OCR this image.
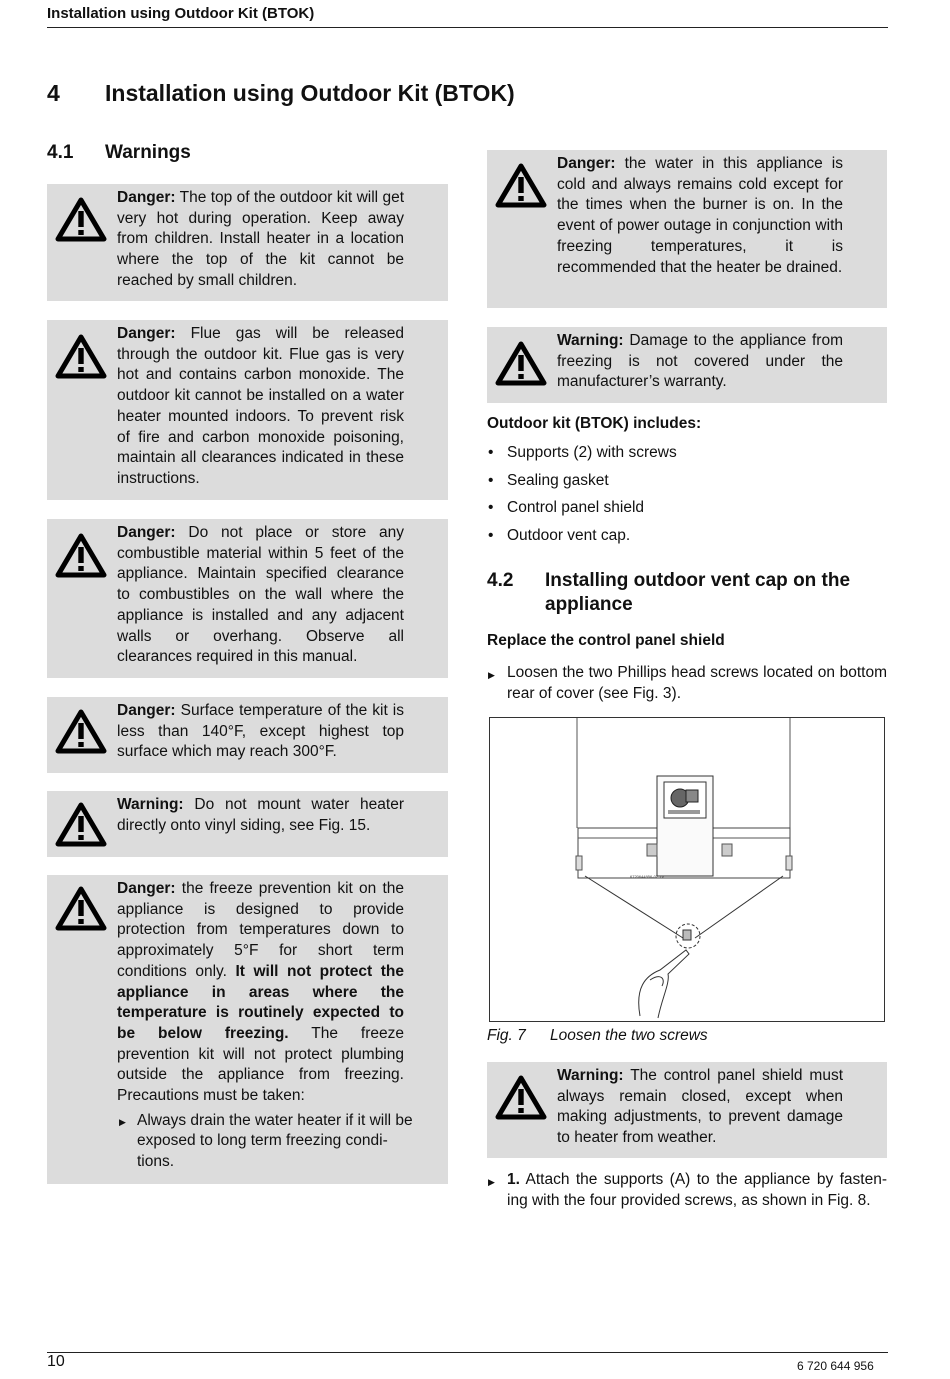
Installation using Outdoor Kit (BTOK)
4 Installation using Outdoor Kit (BTOK)
4.1 Warnings
Danger: The top of the outdoor kit will get very hot during operation. Keep away from children. Install heater in a location where the top of the kit cannot be reached by small children.
Danger: Flue gas will be released through the outdoor kit. Flue gas is very hot and contains carbon monoxide. The outdoor kit cannot be installed on a water heater mounted indoors. To prevent risk of fire and carbon monoxide poisoning, maintain all clearances indicated in these instructions.
Danger: Do not place or store any combustible material within 5 feet of the appliance. Maintain specified clearance to combustibles on the wall where the appliance is installed and any adjacent walls or overhang. Observe all clearances required in this manual.
Danger: Surface temperature of the kit is less than 140°F, except highest top surface which may reach 300°F.
Warning: Do not mount water heater directly onto vinyl siding, see Fig. 15.
Danger: the freeze prevention kit on the appliance is designed to provide protection from temperatures down to approximately 5°F for short term conditions only. It will not protect the appliance in areas where the temperature is routinely expected to be below freezing. The freeze prevention kit will not protect plumbing outside the appliance from freezing. Precautions must be taken:
▶ Always drain the water heater if it will be exposed to long term freezing condi-tions.
Danger: the water in this appliance is cold and always remains cold except for the times when the burner is on. In the event of power outage in conjunction with freezing temperatures, it is recommended that the heater be drained.
Warning: Damage to the appliance from freezing is not covered under the manufacturer’s warranty.
Outdoor kit (BTOK) includes:
• Supports (2) with screws
• Sealing gasket
• Control panel shield
• Outdoor vent cap.
4.2 Installing outdoor vent cap on the
appliance
Replace the control panel shield
▶ Loosen the two Phillips head screws located on bottom rear of cover (see Fig. 3).
6720644956-02.1V
Fig. 7 Loosen the two screws
Warning: The control panel shield must always remain closed, except when making adjustments, to prevent damage to heater from weather.
▶ 1. Attach the supports (A) to the appliance by fasten-ing with the four provided screws, as shown in Fig. 8.
10	6 720 644 956
